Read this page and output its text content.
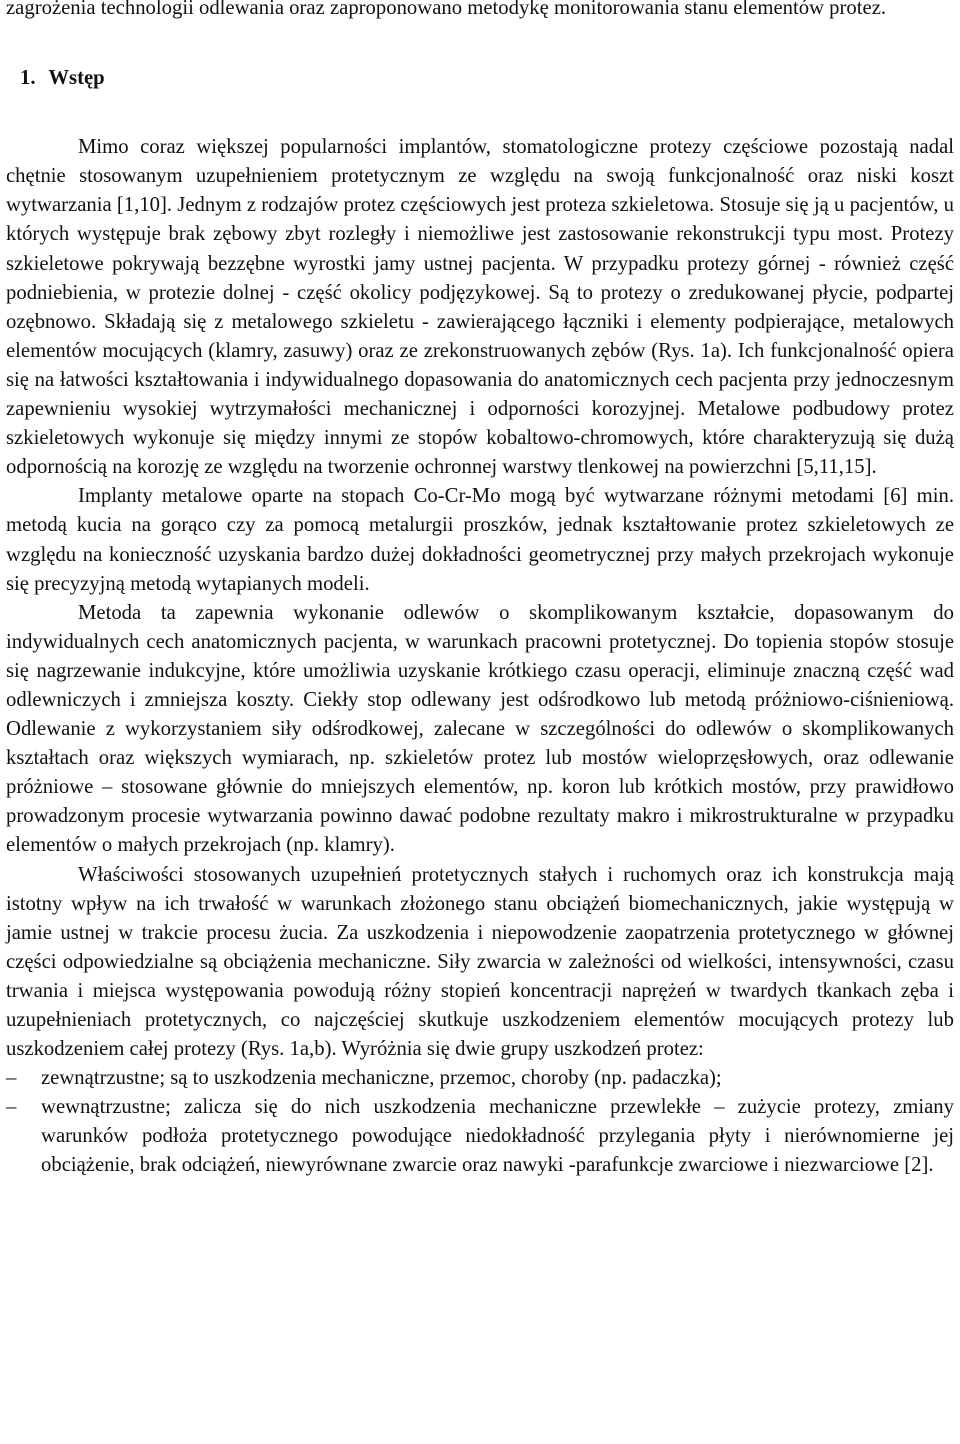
zagrożenia technologii odlewania oraz zaproponowano metodykę monitorowania stanu elementów protez.

1. Wstęp

Mimo coraz większej popularności implantów, stomatologiczne protezy częściowe pozostają nadal chętnie stosowanym uzupełnieniem protetycznym ze względu na swoją funkcjonalność oraz niski koszt wytwarzania [1,10]. Jednym z rodzajów protez częściowych jest proteza szkieletowa. Stosuje się ją u pacjentów, u których występuje brak zębowy zbyt rozległy i niemożliwe jest zastosowanie rekonstrukcji typu most. Protezy szkieletowe pokrywają bezzębne wyrostki jamy ustnej pacjenta. W przypadku protezy górnej - również część podniebienia, w protezie dolnej - część okolicy podjęzykowej. Są to protezy o zredukowanej płycie, podpartej ozębnowo. Składają się z metalowego szkieletu - zawierającego łączniki i elementy podpierające, metalowych elementów mocujących (klamry, zasuwy) oraz ze zrekonstruowanych zębów (Rys. 1a). Ich funkcjonalność opiera się na łatwości kształtowania i indywidualnego dopasowania do anatomicznych cech pacjenta przy jednoczesnym zapewnieniu wysokiej wytrzymałości mechanicznej i odporności korozyjnej. Metalowe podbudowy protez szkieletowych wykonuje się między innymi ze stopów kobaltowo-chromowych, które charakteryzują się dużą odpornością na korozję ze względu na tworzenie ochronnej warstwy tlenkowej na powierzchni [5,11,15].

Implanty metalowe oparte na stopach Co-Cr-Mo mogą być wytwarzane różnymi metodami [6] min. metodą kucia na gorąco czy za pomocą metalurgii proszków, jednak kształtowanie protez szkieletowych ze względu na konieczność uzyskania bardzo dużej dokładności geometrycznej przy małych przekrojach wykonuje się precyzyjną metodą wytapianych modeli.

Metoda ta zapewnia wykonanie odlewów o skomplikowanym kształcie, dopasowanym do indywidualnych cech anatomicznych pacjenta, w warunkach pracowni protetycznej. Do topienia stopów stosuje się nagrzewanie indukcyjne, które umożliwia uzyskanie krótkiego czasu operacji, eliminuje znaczną część wad odlewniczych i zmniejsza koszty. Ciekły stop odlewany jest odśrodkowo lub metodą próżniowo-ciśnieniową. Odlewanie z wykorzystaniem siły odśrodkowej, zalecane w szczególności do odlewów o skomplikowanych kształtach oraz większych wymiarach, np. szkieletów protez lub mostów wieloprzęsłowych, oraz odlewanie próżniowe – stosowane głównie do mniejszych elementów, np. koron lub krótkich mostów, przy prawidłowo prowadzonym procesie wytwarzania powinno dawać podobne rezultaty makro i mikrostrukturalne w przypadku elementów o małych przekrojach (np. klamry).

Właściwości stosowanych uzupełnień protetycznych stałych i ruchomych oraz ich konstrukcja mają istotny wpływ na ich trwałość w warunkach złożonego stanu obciążeń biomechanicznych, jakie występują w jamie ustnej w trakcie procesu żucia. Za uszkodzenia i niepowodzenie zaopatrzenia protetycznego w głównej części odpowiedzialne są obciążenia mechaniczne. Siły zwarcia w zależności od wielkości, intensywności, czasu trwania i miejsca występowania powodują różny stopień koncentracji naprężeń w twardych tkankach zęba i uzupełnieniach protetycznych, co najczęściej skutkuje uszkodzeniem elementów mocujących protezy lub uszkodzeniem całej protezy (Rys. 1a,b). Wyróżnia się dwie grupy uszkodzeń protez:

– zewnątrzustne; są to uszkodzenia mechaniczne, przemoc, choroby (np. padaczka);
– wewnątrzustne; zalicza się do nich uszkodzenia mechaniczne przewlekłe – zużycie protezy, zmiany warunków podłoża protetycznego powodujące niedokładność przylegania płyty i nierównomierne jej obciążenie, brak odciążeń, niewyrównane zwarcie oraz nawyki -parafunkcje zwarciowe i niezwarciowe [2].
